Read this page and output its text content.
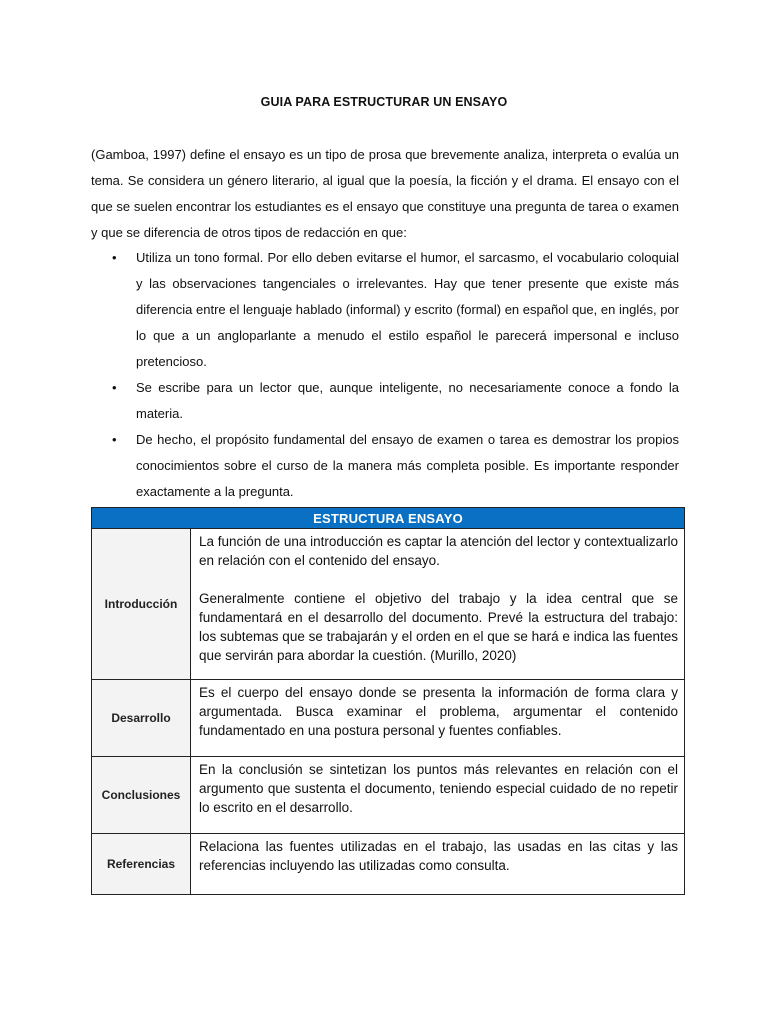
GUIA PARA ESTRUCTURAR UN ENSAYO

(Gamboa, 1997) define el ensayo es un tipo de prosa que brevemente analiza, interpreta o evalúa un tema. Se considera un género literario, al igual que la poesía, la ficción y el drama. El ensayo con el que se suelen encontrar los estudiantes es el ensayo que constituye una pregunta de tarea o examen y que se diferencia de otros tipos de redacción en que:

• Utiliza un tono formal. Por ello deben evitarse el humor, el sarcasmo, el vocabulario coloquial y las observaciones tangenciales o irrelevantes. Hay que tener presente que existe más diferencia entre el lenguaje hablado (informal) y escrito (formal) en español que, en inglés, por lo que a un angloparlante a menudo el estilo español le parecerá impersonal e incluso pretencioso.
• Se escribe para un lector que, aunque inteligente, no necesariamente conoce a fondo la materia.
• De hecho, el propósito fundamental del ensayo de examen o tarea es demostrar los propios conocimientos sobre el curso de la manera más completa posible. Es importante responder exactamente a la pregunta.
ESTRUCTURA ENSAYO	
Introducción	La función de una introducción es captar la atención del lector y contextualizarlo en relación con el contenido del ensayo.

Generalmente contiene el objetivo del trabajo y la idea central que se fundamentará en el desarrollo del documento. Prevé la estructura del trabajo: los subtemas que se trabajarán y el orden en el que se hará e indica las fuentes que servirán para abordar la cuestión. (Murillo, 2020)

Desarrollo	Es el cuerpo del ensayo donde se presenta la información de forma clara y argumentada. Busca examinar el problema, argumentar el contenido fundamentado en una postura personal y fuentes confiables.

Conclusiones	En la conclusión se sintetizan los puntos más relevantes en relación con el argumento que sustenta el documento, teniendo especial cuidado de no repetir lo escrito en el desarrollo.

Referencias	Relaciona las fuentes utilizadas en el trabajo, las usadas en las citas y las referencias incluyendo las utilizadas como consulta.
